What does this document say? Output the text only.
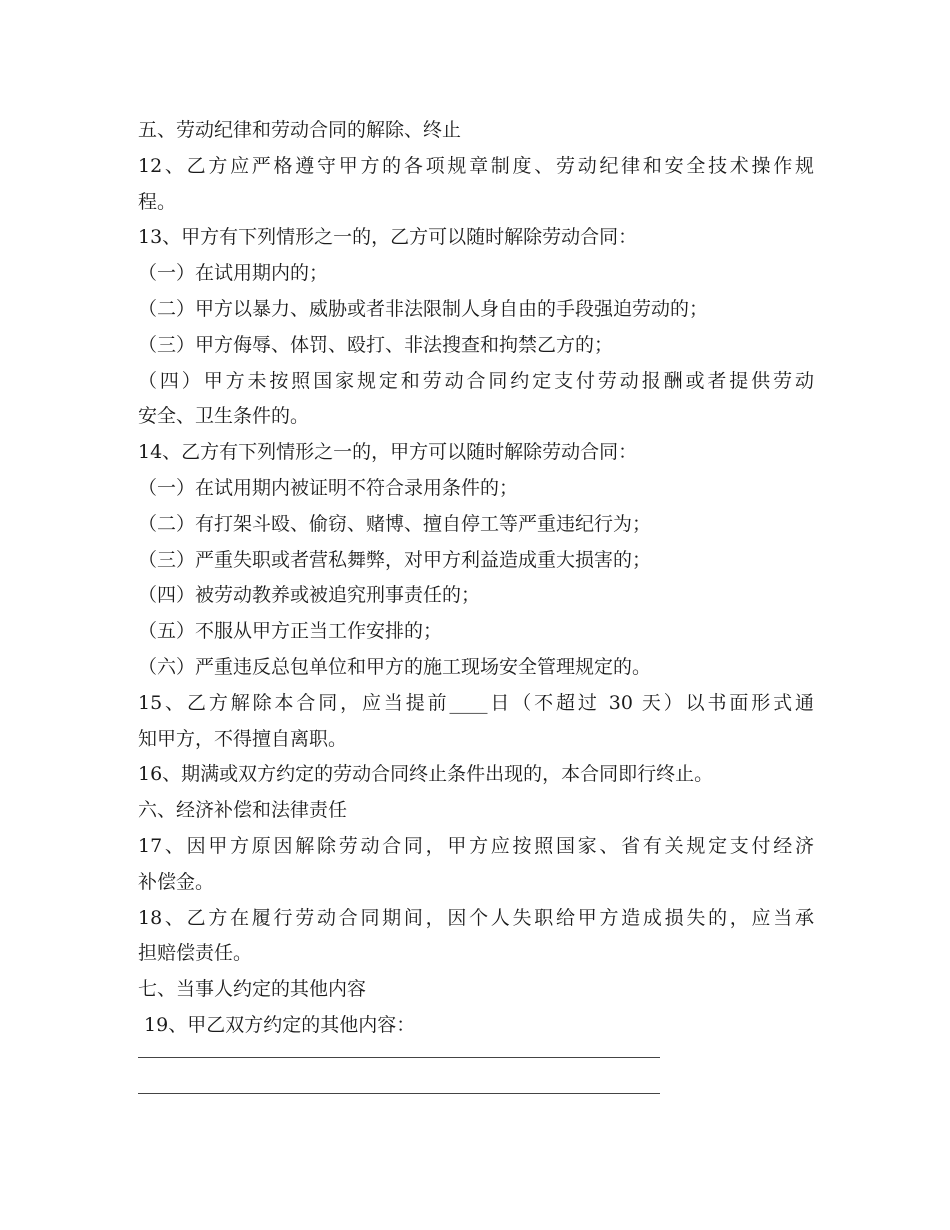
五、劳动纪律和劳动合同的解除、终止
12、乙方应严格遵守甲方的各项规章制度、劳动纪律和安全技术操作规
程。
13、甲方有下列情形之一的，乙方可以随时解除劳动合同：
（一）在试用期内的；
（二）甲方以暴力、威胁或者非法限制人身自由的手段强迫劳动的；
（三）甲方侮辱、体罚、殴打、非法搜查和拘禁乙方的；
（四）甲方未按照国家规定和劳动合同约定支付劳动报酬或者提供劳动
安全、卫生条件的。
14、乙方有下列情形之一的，甲方可以随时解除劳动合同：
（一）在试用期内被证明不符合录用条件的；
（二）有打架斗殴、偷窃、赌博、擅自停工等严重违纪行为；
（三）严重失职或者营私舞弊，对甲方利益造成重大损害的；
（四）被劳动教养或被追究刑事责任的；
（五）不服从甲方正当工作安排的；
（六）严重违反总包单位和甲方的施工现场安全管理规定的。
15、乙方解除本合同，应当提前____日（不超过 30 天）以书面形式通
知甲方，不得擅自离职。
16、期满或双方约定的劳动合同终止条件出现的，本合同即行终止。
六、经济补偿和法律责任
17、因甲方原因解除劳动合同，甲方应按照国家、省有关规定支付经济
补偿金。
18、乙方在履行劳动合同期间，因个人失职给甲方造成损失的，应当承
担赔偿责任。
七、当事人约定的其他内容
19、甲乙双方约定的其他内容：
